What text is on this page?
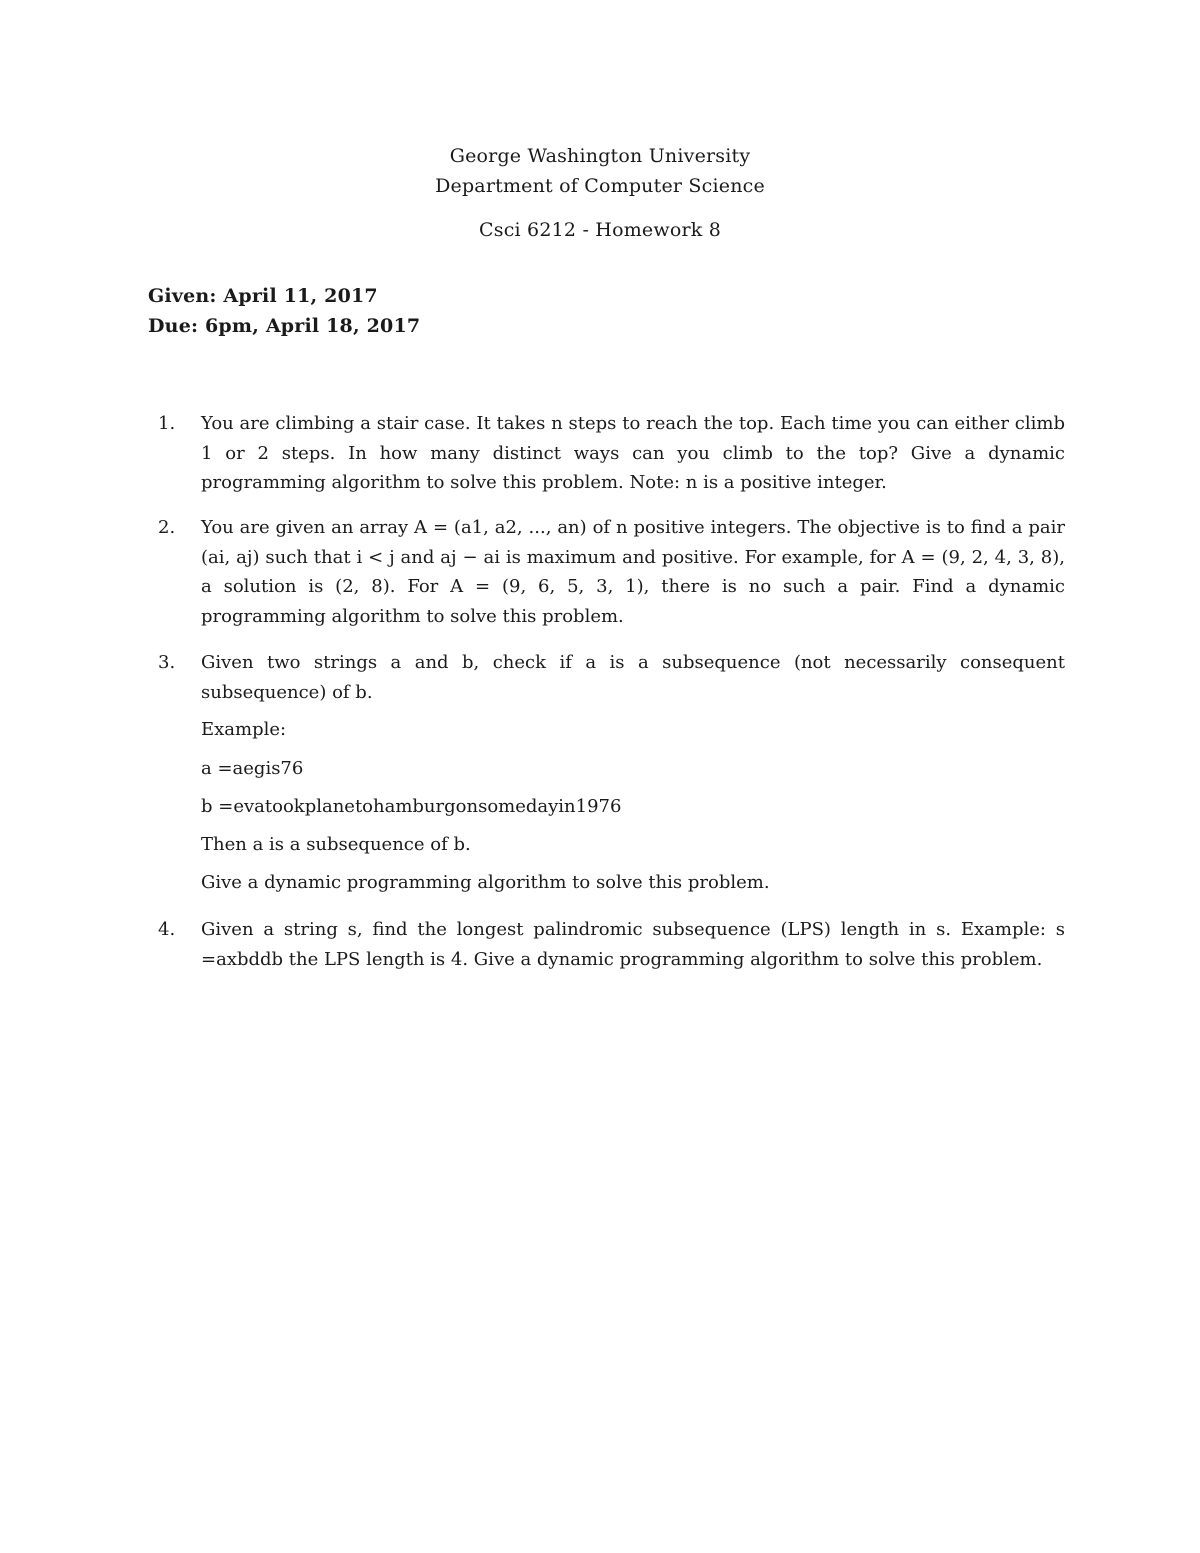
George Washington University
Department of Computer Science
Csci 6212 - Homework 8
Given: April 11, 2017
Due: 6pm, April 18, 2017
1. You are climbing a stair case. It takes n steps to reach the top. Each time you can either climb 1 or 2 steps. In how many distinct ways can you climb to the top? Give a dynamic programming algorithm to solve this problem. Note: n is a positive integer.
2. You are given an array A = (a1, a2, ..., an) of n positive integers. The objective is to find a pair (ai, aj) such that i < j and aj − ai is maximum and positive. For example, for A = (9, 2, 4, 3, 8), a solution is (2, 8). For A = (9, 6, 5, 3, 1), there is no such a pair. Find a dynamic programming algorithm to solve this problem.
3. Given two strings a and b, check if a is a subsequence (not necessarily consequent subsequence) of b.
Example:
a =aegis76
b =evatookplanetohamburgonsomedayin1976
Then a is a subsequence of b.
Give a dynamic programming algorithm to solve this problem.
4. Given a string s, find the longest palindromic subsequence (LPS) length in s. Example: s =axbddb the LPS length is 4. Give a dynamic programming algorithm to solve this problem.
